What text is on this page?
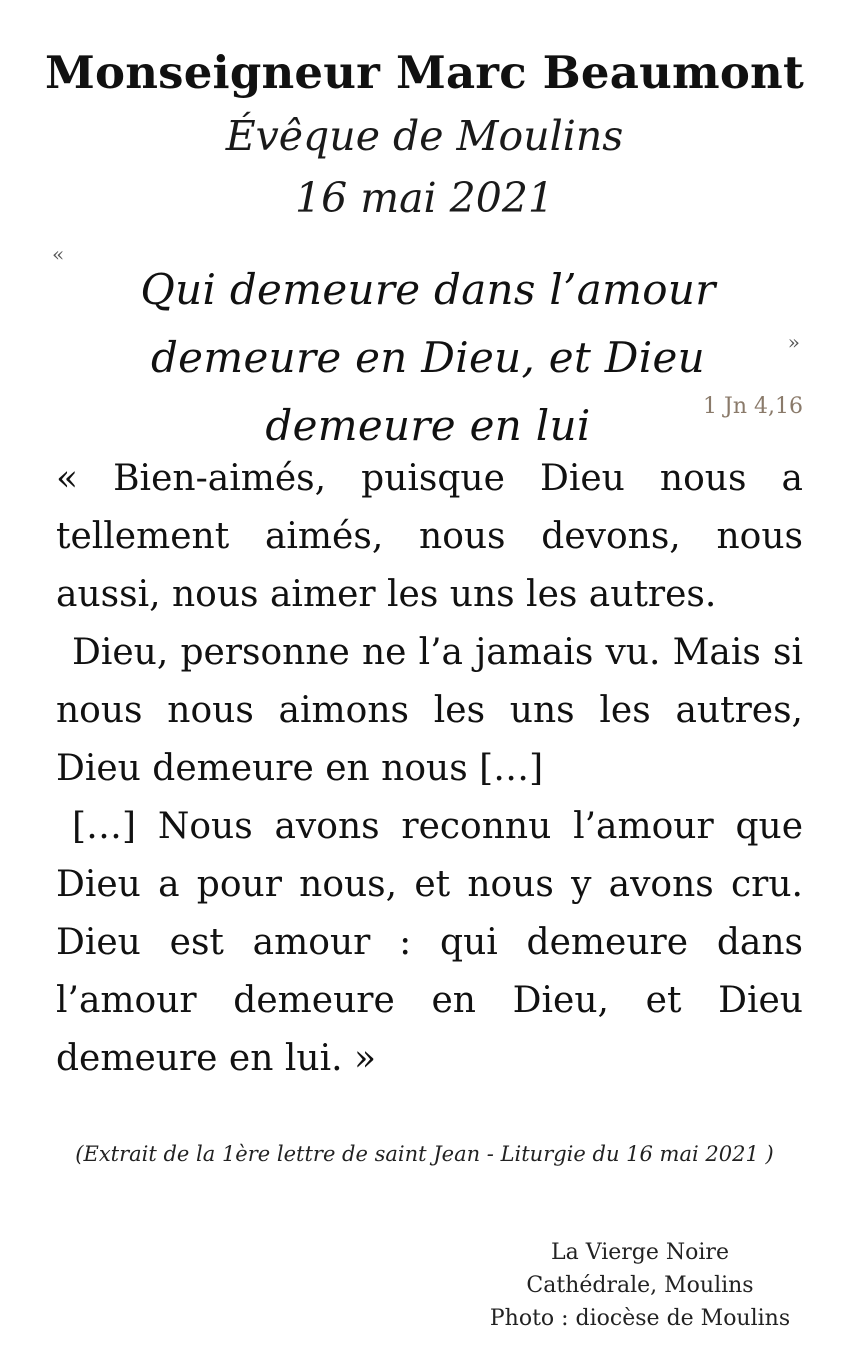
Monseigneur Marc Beaumont
Évêque de Moulins
16 mai 2021
«
Qui demeure dans l’amour demeure en Dieu, et Dieu demeure en lui
»
1 Jn 4,16

« Bien-aimés, puisque Dieu nous a tellement aimés, nous devons, nous aussi, nous aimer les uns les autres.

Dieu, personne ne l’a jamais vu. Mais si nous nous aimons les uns les autres, Dieu demeure en nous […]

[…] Nous avons reconnu l’amour que Dieu a pour nous, et nous y avons cru. Dieu est amour : qui demeure dans l’amour demeure en Dieu, et Dieu demeure en lui. »

(Extrait de la 1ère lettre de saint Jean - Liturgie du 16 mai 2021 )
La Vierge Noire
Cathédrale, Moulins
Photo : diocèse de Moulins
